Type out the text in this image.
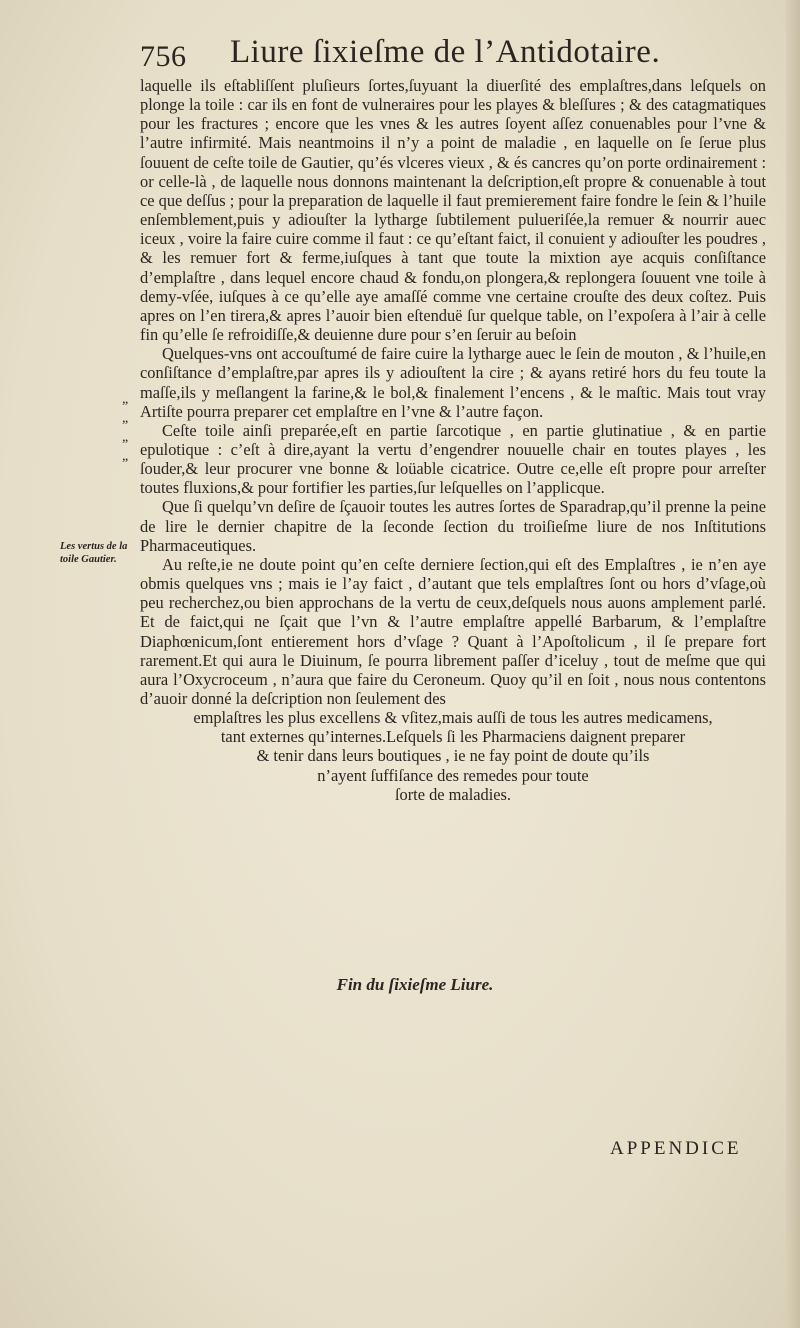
756 Liure ſixieſme de l’Antidotaire.

laquelle ils eſtabliſſent pluſieurs ſortes,ſuyuant la diuerſité des emplaſtres,dans leſquels on plonge la toile : car ils en font de vulneraires pour les playes & bleſſures ; & des catagmatiques pour les fractures ; encore que les vnes & les autres ſoyent aſſez conuenables pour l’vne & l’autre infirmité. Mais neantmoins il n’y a point de maladie , en laquelle on ſe ſerue plus ſouuent de ceſte toile de Gautier, qu’és vlceres vieux , & és cancres qu’on porte ordinairement : or celle-là , de laquelle nous donnons maintenant la deſcription,eſt propre & conuenable à tout ce que deſſus ; pour la preparation de laquelle il faut premierement faire fondre le ſein & l’huile enſemblement,puis y adiouſter la lytharge ſubtilement pulueriſée,la remuer & nourrir auec iceux , voire la faire cuire comme il faut : ce qu’eſtant faict, il conuient y adiouſter les poudres , & les remuer fort & ferme,iuſques à tant que toute la mixtion aye acquis conſiſtance d’emplaſtre , dans lequel encore chaud & fondu,on plongera,& replongera ſouuent vne toile à demy-vſée, iuſques à ce qu’elle aye amaſſé comme vne certaine crouſte des deux coſtez. Puis apres on l’en tirera,& apres l’auoir bien eſtenduë ſur quelque table, on l’expoſera à l’air à celle fin qu’elle ſe refroidiſſe,& deuienne dure pour s’en ſeruir au beſoin

Quelques-vns ont accouſtumé de faire cuire la lytharge auec le ſein de mouton , & l’huile,en conſiſtance d’emplaſtre,par apres ils y adiouſtent la cire ; & ayans retiré hors du feu toute la maſſe,ils y meſlangent la farine,& le bol,& finalement l’encens , & le maſtic. Mais tout vray Artiſte pourra preparer cet emplaſtre en l’vne & l’autre façon.

Ceſte toile ainſi preparée,eſt en partie ſarcotique , en partie glutinatiue , & en partie epulotique : c’eſt à dire,ayant la vertu d’engendrer nouuelle chair en toutes playes , les ſouder,& leur procurer vne bonne & loüable cicatrice. Outre ce,elle eſt propre pour arreſter toutes fluxions,& pour fortifier les parties,ſur leſquelles on l’applicque.

Que ſi quelqu’vn deſire de ſçauoir toutes les autres ſortes de Sparadrap,qu’il prenne la peine de lire le dernier chapitre de la ſeconde ſection du troiſieſme liure de nos Inſtitutions Pharmaceutiques.

Au reſte,ie ne doute point qu’en ceſte derniere ſection,qui eſt des Emplaſtres , ie n’en aye obmis quelques vns ; mais ie l’ay faict , d’autant que tels emplaſtres ſont ou hors d’vſage,où peu recherchez,ou bien approchans de la vertu de ceux,deſquels nous auons amplement parlé. Et de faict,qui ne ſçait que l’vn & l’autre emplaſtre appellé Barbarum, & l’emplaſtre Diaphœnicum,ſont entierement hors d’vſage ? Quant à l’Apoſtolicum , il ſe prepare fort rarement.Et qui aura le Diuinum, ſe pourra librement paſſer d’iceluy , tout de meſme que qui aura l’Oxycroceum , n’aura que faire du Ceroneum. Quoy qu’il en ſoit , nous nous contentons d’auoir donné la deſcription non ſeulement des

emplaſtres les plus excellens & vſitez,mais auſſi de tous les autres medicamens,
tant externes qu’internes.Leſquels ſi les Pharmaciens daignent preparer
& tenir dans leurs boutiques , ie ne fay point de doute qu’ils
n’ayent ſuffiſance des remedes pour toute
ſorte de maladies.
„
„
„
„
Les vertus de la toile Gautier.
Fin du ſixieſme Liure.
APPENDICE
